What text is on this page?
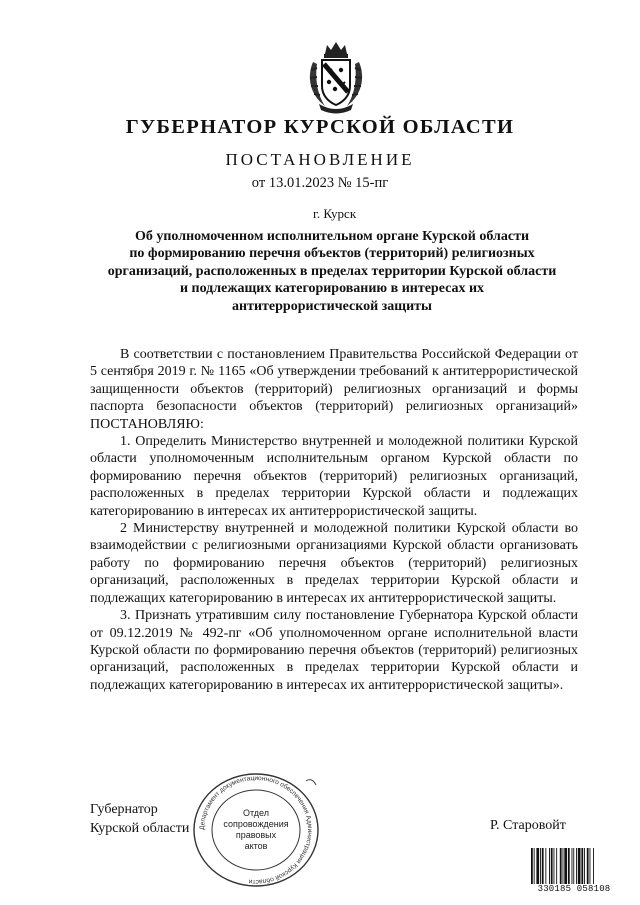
ГУБЕРНАТОР КУРСКОЙ ОБЛАСТИ
ПОСТАНОВЛЕНИЕ
от 13.01.2023 № 15-пг
г. Курск
Об уполномоченном исполнительном органе Курской области
по формированию перечня объектов (территорий) религиозных
организаций, расположенных в пределах территории Курской области
и подлежащих категорированию в интересах их
антитеррористической защиты

В соответствии с постановлением Правительства Российской Федерации от 5 сентября 2019 г. № 1165 «Об утверждении требований к антитеррористической защищенности объектов (территорий) религиозных организаций и формы паспорта безопасности объектов (территорий) религиозных организаций» ПОСТАНОВЛЯЮ:

1. Определить Министерство внутренней и молодежной политики Курской области уполномоченным исполнительным органом Курской области по формированию перечня объектов (территорий) религиозных организаций, расположенных в пределах территории Курской области и подлежащих категорированию в интересах их антитеррористической защиты.

2 Министерству внутренней и молодежной политики Курской области во взаимодействии с религиозными организациями Курской области организовать работу по формированию перечня объектов (территорий) религиозных организаций, расположенных в пределах территории Курской области и подлежащих категорированию в интересах их антитеррористической защиты.

3. Признать утратившим силу постановление Губернатора Курской области от 09.12.2019 № 492-пг «Об уполномоченном органе исполнительной власти Курской области по формированию перечня объектов (территорий) религиозных организаций, расположенных в пределах территории Курской области и подлежащих категорированию в интересах их антитеррористической защиты».

Губернатор
Курской области Департамент документационного обеспечения Администрации Курской области
Отдел
сопровождения
правовых
актов
Р. Старовойт
330185 058108
